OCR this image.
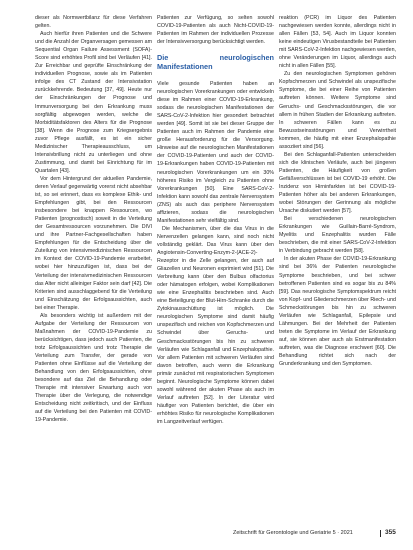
dieser als Normwertbilanz für diese Verfahren gelten.

Auch hierfür ihren Patienten und die Schwere und die Anzahl der Organversagen gemessen am Sequential Organ Failure Assessment (SOFA)-Score sind erhöhtes Profil sind bei Verläufen [41]. Zur Erreichbar und geprüfte Einschränkung der individuellen Prognose, sowie als im Patienten infolge des CT Zustand der Intensivstation zurückkehrende. Bedeutung [37, 49]. Heute nur der Einschränkungen der Prognose und Immunversorgung bei den Erkrankung muss sorgfältig abgewogen werden, welche die Morbiditätsfaktoren des Alters für die Prognose [38]. Wenn die Prognose zum Kriegsergebnis zuvor Pflege ausfällt, es ist ein sicher Medizinischer Therapieausschluss, um Intensivbrillung nicht zu unterliegen und ohne Zustimmung, und damit bei Einrichtung für im Quartalen [43].

Vor dem Hintergrund der aktuellen Pandemie, deren Verlauf gegenwärtig vorerst nicht absehbar ist, so sei erinnert, dass es komplexe Ethik- und Empfehlungen gibt, bei den Ressourcen insbesondere bei knappen Ressourcen, wo Patienten (prognostisch) soweit in die Verteilung der Gesamtressourcen vorzunehmen. Die DIVI und ihre Partner-Fachgesellschaften haben Empfehlungen für die Entscheidung über die Zuteilung von intensivmedizinischen Ressourcen im Kontext der COVID-19-Pandemie erarbeitet, wobei hier hinzuzufügen ist, dass bei der Verteilung der intensivmedizinischen Ressourcen das Alter nicht alleiniger Faktor sein darf [42]. Die Kriterien sind ausschlaggebend für die Verteilung und Einschätzung der Erfolgsaussichten, auch bei einer Therapie.

Als besonders wichtig ist außerdem mit der Aufgabe der Verteilung der Ressourcen von Maßnahmen der COVID-19-Pandemie zu berücksichtigen, dass jedoch auch Patienten, die trotz Erfolgsaussichten und trotz Therapie die Verteilung zum Transfer, der gerade von Patienten ohne Einflüsse auf die Verteilung der Behandlung von den Erfolgsaussichten, ohne besondere auf das Ziel die Behandlung oder Therapie mit intensiver Erwartung auch von Therapie über die Verlegung, die notwendige Entscheidung nicht zeitkritisch, und der Einfluss auf die Verteilung bei den Patienten mit COVID-19-Pandemie.

Patienten zur Verfügung, so selten sowohl COVID-19-Patienten als auch Nicht-COVID-19-Patienten im Rahmen der individuellen Prozesse der Intensivversorgung berücksichtigt werden.

Die neurologischen Manifestationen

Viele gesunde Patienten haben an neurologischen Vorerkrankungen oder entwickeln diese im Rahmen einer COVID-19-Erkrankung, sodass die neurologischen Manifestationen der SARS-CoV-2-Infektion hier gesondert betrachtet werden [49]. Somit ist sie bei dieser Gruppe der Patienten auch im Rahmen der Pandemie eine große Herausforderung für die Versorgung. Hinweise auf die neurologischen Manifestationen der COVID-19-Patienten und auch der COVID-19-Erkrankungen haben COVID-19-Patienten mit neurologischen Vorerkrankungen um ein 30% höheres Risiko im Vergleich zu Patienten ohne Vorerkrankungen [50]. Eine SARS-CoV-2-Infektion kann sowohl das zentrale Nervensystem (ZNS) als auch das periphere Nervensystem affizieren, sodass die neurologischen Manifestationen sehr vielfältig sind.

Die Mechanismen, über die das Virus in die Nervenzellen gelangen kann, sind noch nicht vollständig geklärt. Das Virus kann über den Angiotensin-Converting-Enzym-2-(ACE-2)-Rezeptor in die Zelle gelangen, der auch auf Gliazellen und Neuronen exprimiert wird [51]. Die Verbreitung kann über den Bulbus olfactorius oder hämatogen erfolgen, wobei Komplikationen wie eine Enzephalitis beschrieben sind. Auch eine Beteiligung der Blut-Hirn-Schranke durch die Zytokinausschüttung ist möglich. Die neurologischen Symptome sind damit häufig unspezifisch und reichen von Kopfschmerzen und Schwindel über Geruchs- und Geschmacksstörungen bis hin zu schweren Verläufen wie Schlaganfall und Enzephalopathie. Vor allem Patienten mit schweren Verläufen sind davon betroffen, auch wenn die Erkrankung primär zunächst mit respiratorischen Symptomen beginnt. Neurologische Symptome können dabei sowohl während der akuten Phase als auch im Verlauf auftreten [52]. In der Literatur wird häufiger von Patienten berichtet, die über ein erhöhtes Risiko für neurologische Komplikationen im Langzeitverlauf verfügen.

reaktion (PCR) im Liquor des Patienten nachgewiesen werden konnte, allerdings nicht in allen Fällen [53, 54]. Auch im Liquor konnten keine eindeutigen Virusbestandteile bei Patienten mit SARS-CoV-2-Infektion nachgewiesen werden, ohne Veränderungen im Liquor, allerdings auch nicht in allen Fällen [55].

Zu den neurologischen Symptomen gehören Kopfschmerzen und Schwindel als unspezifische Symptome, die bei einer Reihe von Patienten auftreten können. Weitere Symptome sind Geruchs- und Geschmacksstörungen, die vor allem in frühen Stadien der Erkrankung auftreten. In schweren Fällen kann es zu Bewusstseinsstörungen und Verwirrtheit kommen, die häufig mit einer Enzephalopathie assoziiert sind [56].

Bei den Schlaganfall-Patienten unterscheiden sich die klinischen Verläufe, auch bei jüngeren Patienten, die Häufigkeit von großen Gefäßverschlüssen ist bei COVID-19 erhöht. Die Inzidenz von Hirninfarkten ist bei COVID-19-Patienten höher als bei anderen Erkrankungen, wobei Störungen der Gerinnung als mögliche Ursache diskutiert werden [57].

Bei verschiedenen neurologischen Erkrankungen wie Guillain-Barré-Syndrom, Myelitis und Enzephalitis wurden Fälle beschrieben, die mit einer SARS-CoV-2-Infektion in Verbindung gebracht werden [58].

In der akuten Phase der COVID-19-Erkrankung sind bei 36% der Patienten neurologische Symptome beschrieben, und bei schwer betroffenen Patienten sind es sogar bis zu 84% [59]. Das neurologische Symptomspektrum reicht von Kopf- und Gliederschmerzen über Riech- und Schmeckstörungen bis hin zu schweren Verläufen wie Schlaganfall, Epilepsie und Lähmungen. Bei der Mehrheit der Patienten treten die Symptome im Verlauf der Erkrankung auf, sie können aber auch als Erstmanifestation auftreten, was die Diagnose erschwert [60]. Die Behandlung richtet sich nach der Grunderkrankung und den Symptomen.

Zeitschrift für Gerontologie und Geriatrie 5 · 2021	355
